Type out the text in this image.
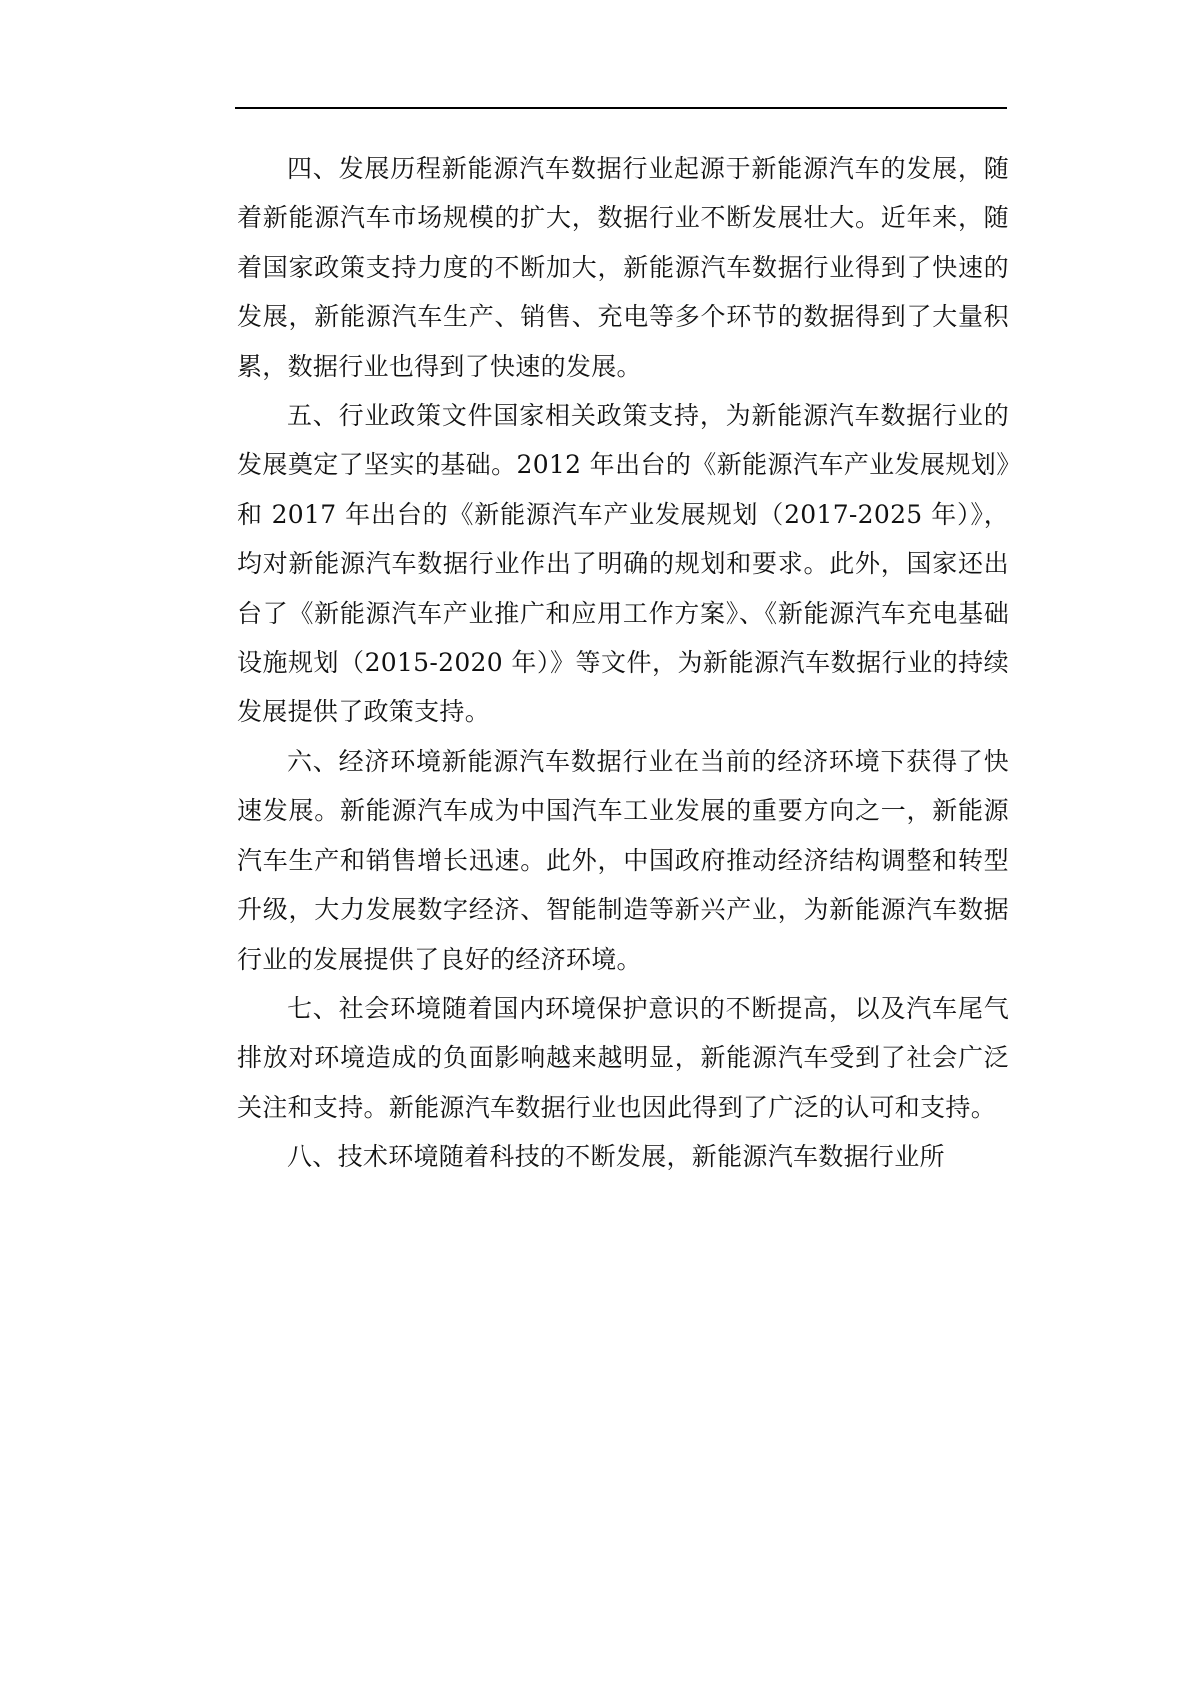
四、发展历程新能源汽车数据行业起源于新能源汽车的发展，随着新能源汽车市场规模的扩大，数据行业不断发展壮大。近年来，随着国家政策支持力度的不断加大，新能源汽车数据行业得到了快速的发展，新能源汽车生产、销售、充电等多个环节的数据得到了大量积累，数据行业也得到了快速的发展。

五、行业政策文件国家相关政策支持，为新能源汽车数据行业的发展奠定了坚实的基础。2012 年出台的《新能源汽车产业发展规划》和 2017 年出台的《新能源汽车产业发展规划（2017-2025 年）》，均对新能源汽车数据行业作出了明确的规划和要求。此外，国家还出台了《新能源汽车产业推广和应用工作方案》、《新能源汽车充电基础设施规划（2015-2020 年）》等文件，为新能源汽车数据行业的持续发展提供了政策支持。

六、经济环境新能源汽车数据行业在当前的经济环境下获得了快速发展。新能源汽车成为中国汽车工业发展的重要方向之一，新能源汽车生产和销售增长迅速。此外，中国政府推动经济结构调整和转型升级，大力发展数字经济、智能制造等新兴产业，为新能源汽车数据行业的发展提供了良好的经济环境。

七、社会环境随着国内环境保护意识的不断提高，以及汽车尾气排放对环境造成的负面影响越来越明显，新能源汽车受到了社会广泛关注和支持。新能源汽车数据行业也因此得到了广泛的认可和支持。

八、技术环境随着科技的不断发展，新能源汽车数据行业所
